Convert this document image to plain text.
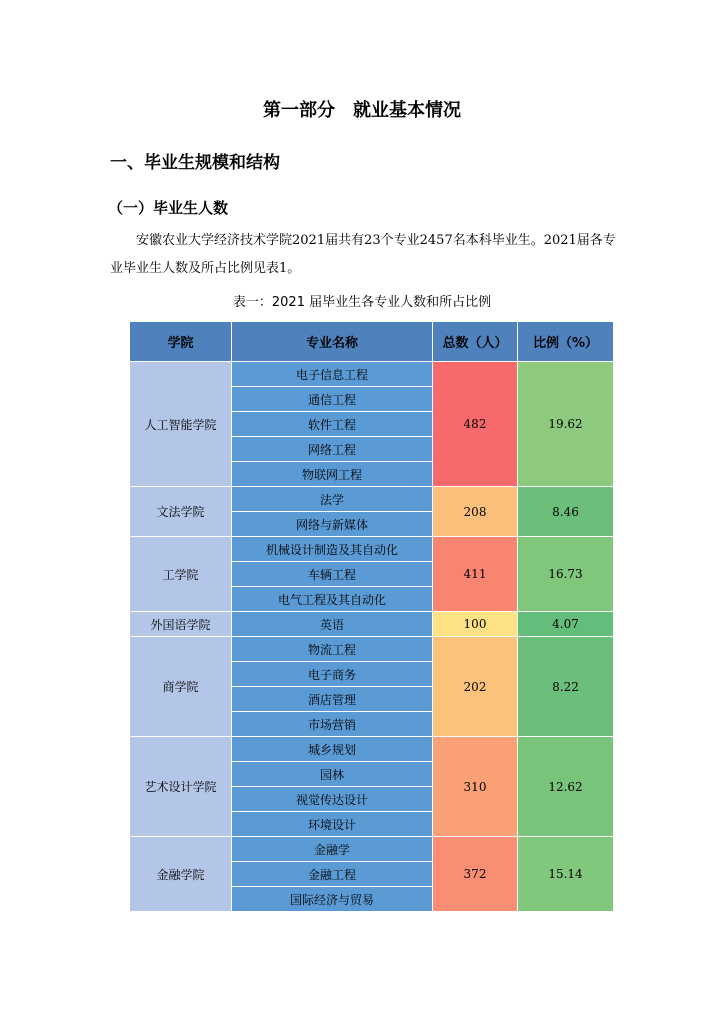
第一部分　就业基本情况
一、毕业生规模和结构
（一）毕业生人数
安徽农业大学经济技术学院2021届共有23个专业2457名本科毕业生。2021届各专业毕业生人数及所占比例见表1。
表一：2021 届毕业生各专业人数和所占比例
学院	专业名称	总数（人）	比例（%）
人工智能学院	电子信息工程	482	19.62
	通信工程		
	软件工程		
	网络工程		
	物联网工程		
文法学院	法学	208	8.46
	网络与新媒体		
工学院	机械设计制造及其自动化	411	16.73
	车辆工程		
	电气工程及其自动化		
外国语学院	英语	100	4.07
商学院	物流工程	202	8.22
	电子商务		
	酒店管理		
	市场营销		
艺术设计学院	城乡规划	310	12.62
	园林		
	视觉传达设计		
	环境设计		
金融学院	金融学	372	15.14
	金融工程		
	国际经济与贸易		
